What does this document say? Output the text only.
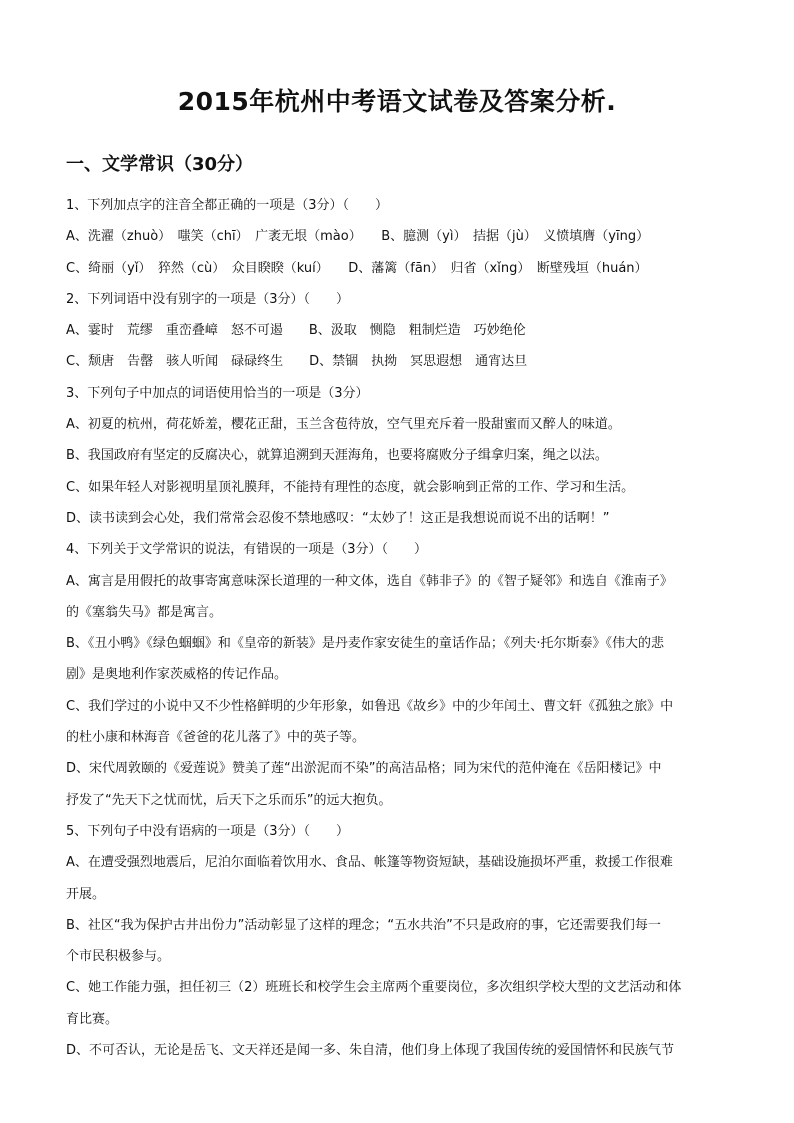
2015年杭州中考语文试卷及答案分析.
一、文学常识（30分）
1、下列加点字的注音全都正确的一项是（3分）（　　）
A、洗濯（zhuò）　嗤笑（chī）　广袤无垠（mào）　　B、臆测（yì）　拮据（jù）　义愤填膺（yīng）
C、绮丽（yǐ）　猝然（cù）　众目睽睽（kuí）　　D、藩篱（fān）　归省（xǐng）　断壁残垣（huán）
2、下列词语中没有别字的一项是（3分）（　　）
A、霎时　荒缪　重峦叠嶂　怒不可遏　　B、汲取　恻隐　粗制烂造　巧妙绝伦
C、颓唐　告罄　骇人听闻　碌碌终生　　D、禁锢　执拗　冥思遐想　通宵达旦
3、下列句子中加点的词语使用恰当的一项是（3分）
A、初夏的杭州，荷花娇羞，樱花正甜，玉兰含苞待放，空气里充斥着一股甜蜜而又醉人的味道。
B、我国政府有坚定的反腐决心，就算追溯到天涯海角，也要将腐败分子缉拿归案，绳之以法。
C、如果年轻人对影视明星顶礼膜拜，不能持有理性的态度，就会影响到正常的工作、学习和生活。
D、读书读到会心处，我们常常会忍俊不禁地感叹：“太妙了！这正是我想说而说不出的话啊！”
4、下列关于文学常识的说法，有错误的一项是（3分）（　　）
A、寓言是用假托的故事寄寓意味深长道理的一种文体，选自《韩非子》的《智子疑邻》和选自《淮南子》
的《塞翁失马》都是寓言。
B、《丑小鸭》《绿色蝈蝈》和《皇帝的新装》是丹麦作家安徒生的童话作品；《列夫·托尔斯泰》《伟大的悲
剧》是奥地利作家茨威格的传记作品。
C、我们学过的小说中又不少性格鲜明的少年形象，如鲁迅《故乡》中的少年闰土、曹文轩《孤独之旅》中
的杜小康和林海音《爸爸的花儿落了》中的英子等。
D、宋代周敦颐的《爱莲说》赞美了莲“出淤泥而不染”的高洁品格；同为宋代的范仲淹在《岳阳楼记》中
抒发了“先天下之忧而忧，后天下之乐而乐”的远大抱负。
5、下列句子中没有语病的一项是（3分）（　　）
A、在遭受强烈地震后，尼泊尔面临着饮用水、食品、帐篷等物资短缺，基础设施损坏严重，救援工作很难
开展。
B、社区“我为保护古井出份力”活动彰显了这样的理念；“五水共治”不只是政府的事，它还需要我们每一
个市民积极参与。
C、她工作能力强，担任初三（2）班班长和校学生会主席两个重要岗位，多次组织学校大型的文艺活动和体
育比赛。
D、不可否认，无论是岳飞、文天祥还是闻一多、朱自清，他们身上体现了我国传统的爱国情怀和民族气节
